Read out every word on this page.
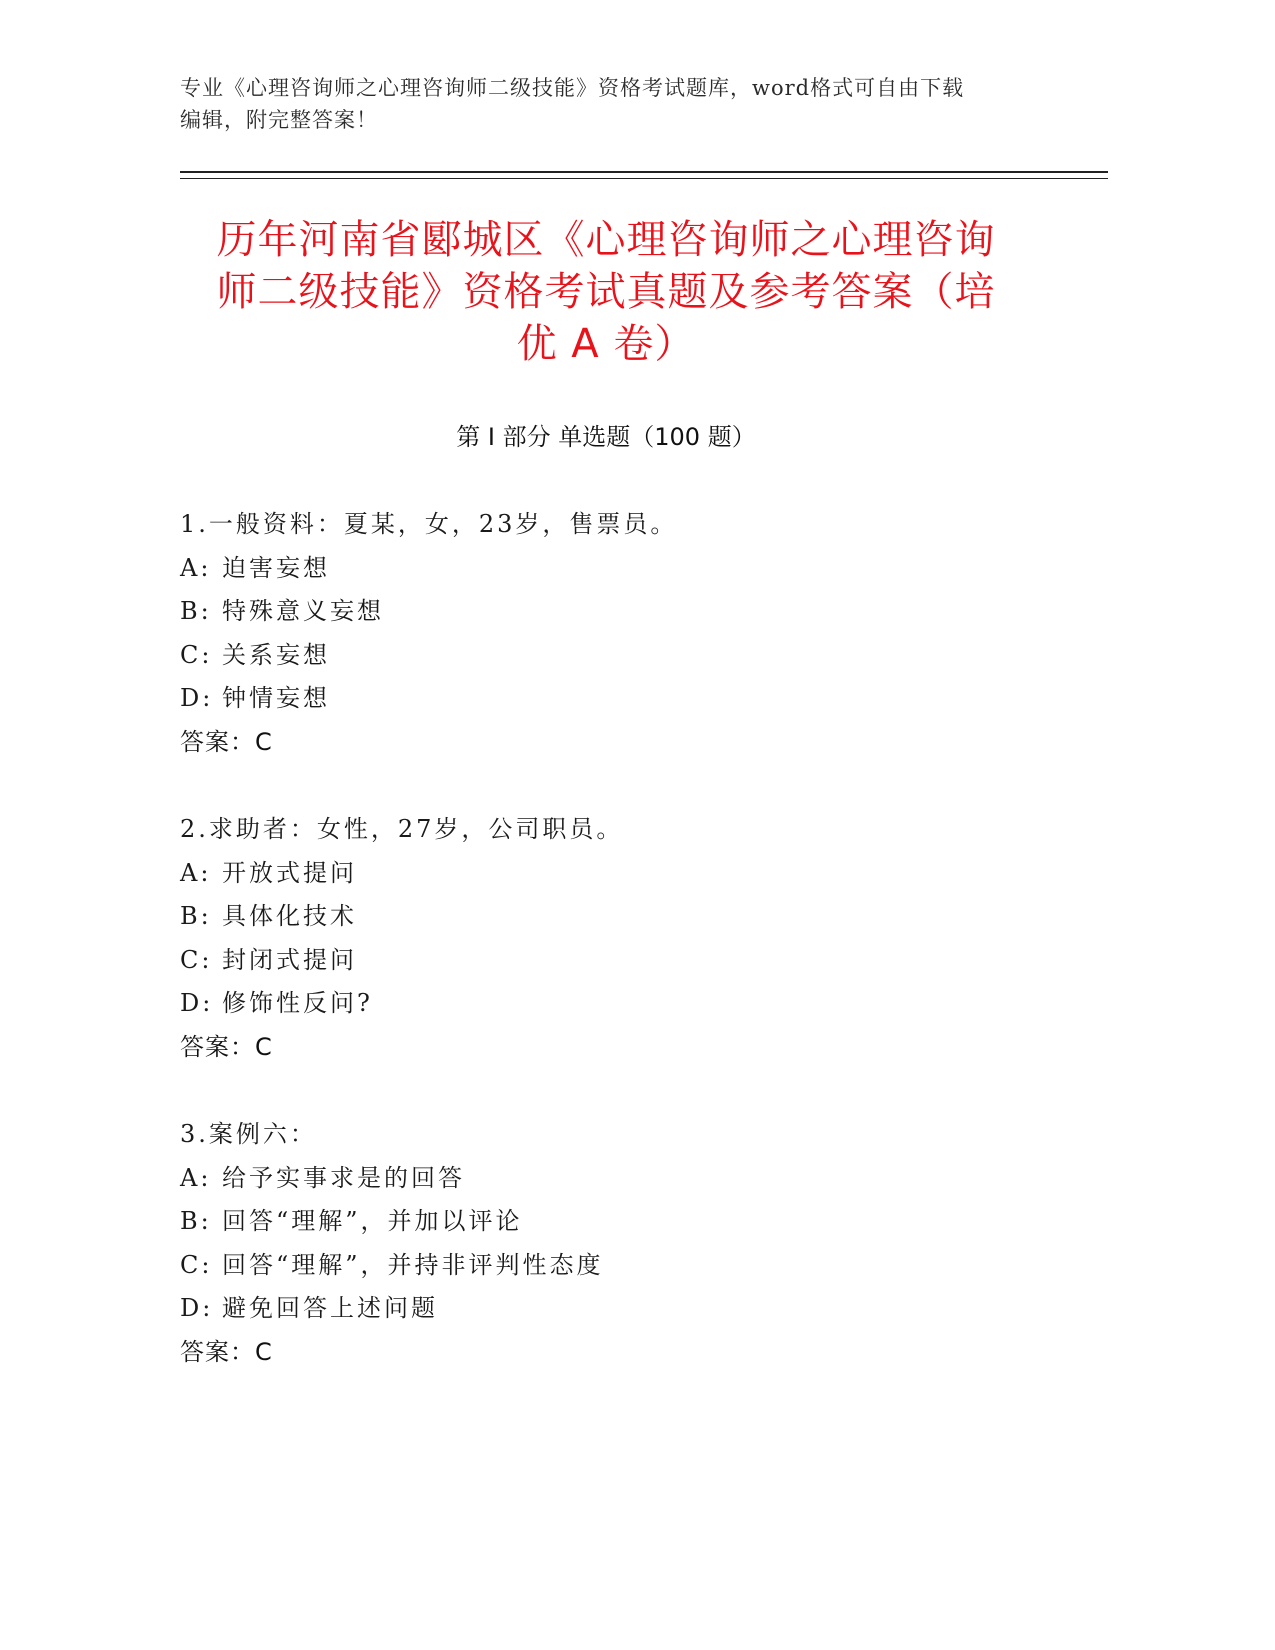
专业《心理咨询师之心理咨询师二级技能》资格考试题库，word格式可自由下载
编辑，附完整答案！
历年河南省郾城区《心理咨询师之心理咨询
师二级技能》资格考试真题及参考答案（培
优 A 卷）
第 I 部分 单选题（100 题）
1.一般资料：夏某，女，23岁，售票员。
A: 迫害妄想
B: 特殊意义妄想
C: 关系妄想
D: 钟情妄想
答案：C
2.求助者：女性，27岁，公司职员。
A: 开放式提问
B: 具体化技术
C: 封闭式提问
D: 修饰性反问?
答案：C
3.案例六：
A: 给予实事求是的回答
B: 回答“理解”，并加以评论
C: 回答“理解”，并持非评判性态度
D: 避免回答上述问题
答案：C
